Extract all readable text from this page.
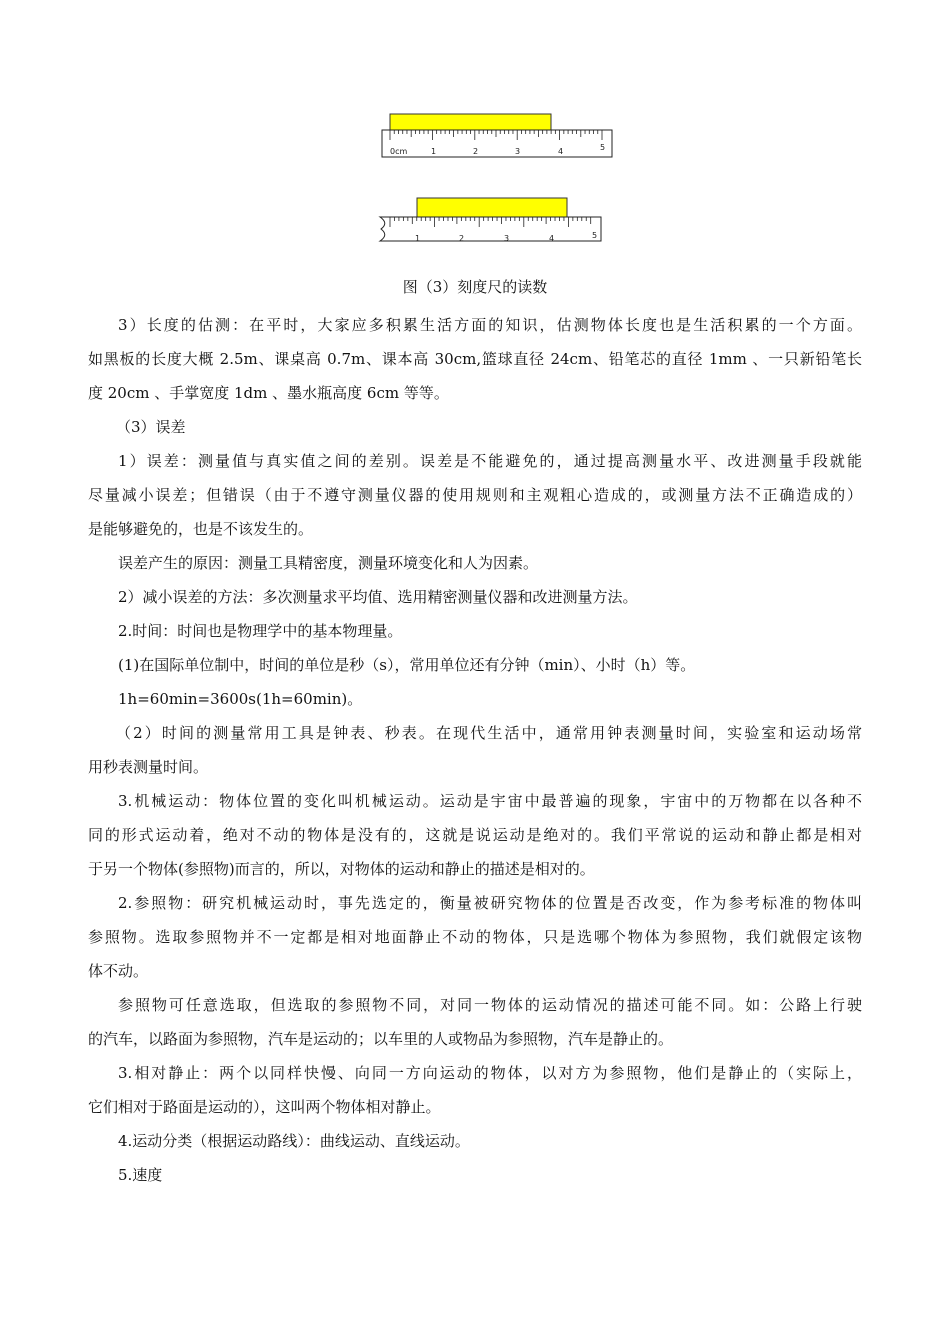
0cm	1	2	3	4	5
1	2	3	4	5
图（3）刻度尺的读数
3）长度的估测：在平时，大家应多积累生活方面的知识，估测物体长度也是生活积累的一个方面。
如黑板的长度大概 2.5m、课桌高 0.7m、课本高 30cm,篮球直径 24cm、铅笔芯的直径 1mm 、一只新铅笔长
度 20cm 、手掌宽度 1dm 、墨水瓶高度 6cm 等等。
（3）误差
1）误差：测量值与真实值之间的差别。误差是不能避免的，通过提高测量水平、改进测量手段就能
尽量减小误差；但错误（由于不遵守测量仪器的使用规则和主观粗心造成的，或测量方法不正确造成的）
是能够避免的，也是不该发生的。
误差产生的原因：测量工具精密度，测量环境变化和人为因素。
2）减小误差的方法：多次测量求平均值、选用精密测量仪器和改进测量方法。
2.时间：时间也是物理学中的基本物理量。
(1)在国际单位制中，时间的单位是秒（s），常用单位还有分钟（min）、小时（h）等。
1h=60min=3600s(1h=60min)。
（2）时间的测量常用工具是钟表、秒表。在现代生活中，通常用钟表测量时间，实验室和运动场常
用秒表测量时间。
3.机械运动：物体位置的变化叫机械运动。运动是宇宙中最普遍的现象，宇宙中的万物都在以各种不
同的形式运动着，绝对不动的物体是没有的，这就是说运动是绝对的。我们平常说的运动和静止都是相对
于另一个物体(参照物)而言的，所以，对物体的运动和静止的描述是相对的。
2.参照物：研究机械运动时，事先选定的，衡量被研究物体的位置是否改变，作为参考标准的物体叫
参照物。选取参照物并不一定都是相对地面静止不动的物体，只是选哪个物体为参照物，我们就假定该物
体不动。
参照物可任意选取，但选取的参照物不同，对同一物体的运动情况的描述可能不同。如：公路上行驶
的汽车，以路面为参照物，汽车是运动的；以车里的人或物品为参照物，汽车是静止的。
3.相对静止：两个以同样快慢、向同一方向运动的物体，以对方为参照物，他们是静止的（实际上，
它们相对于路面是运动的），这叫两个物体相对静止。
4.运动分类（根据运动路线）：曲线运动、直线运动。
5.速度
